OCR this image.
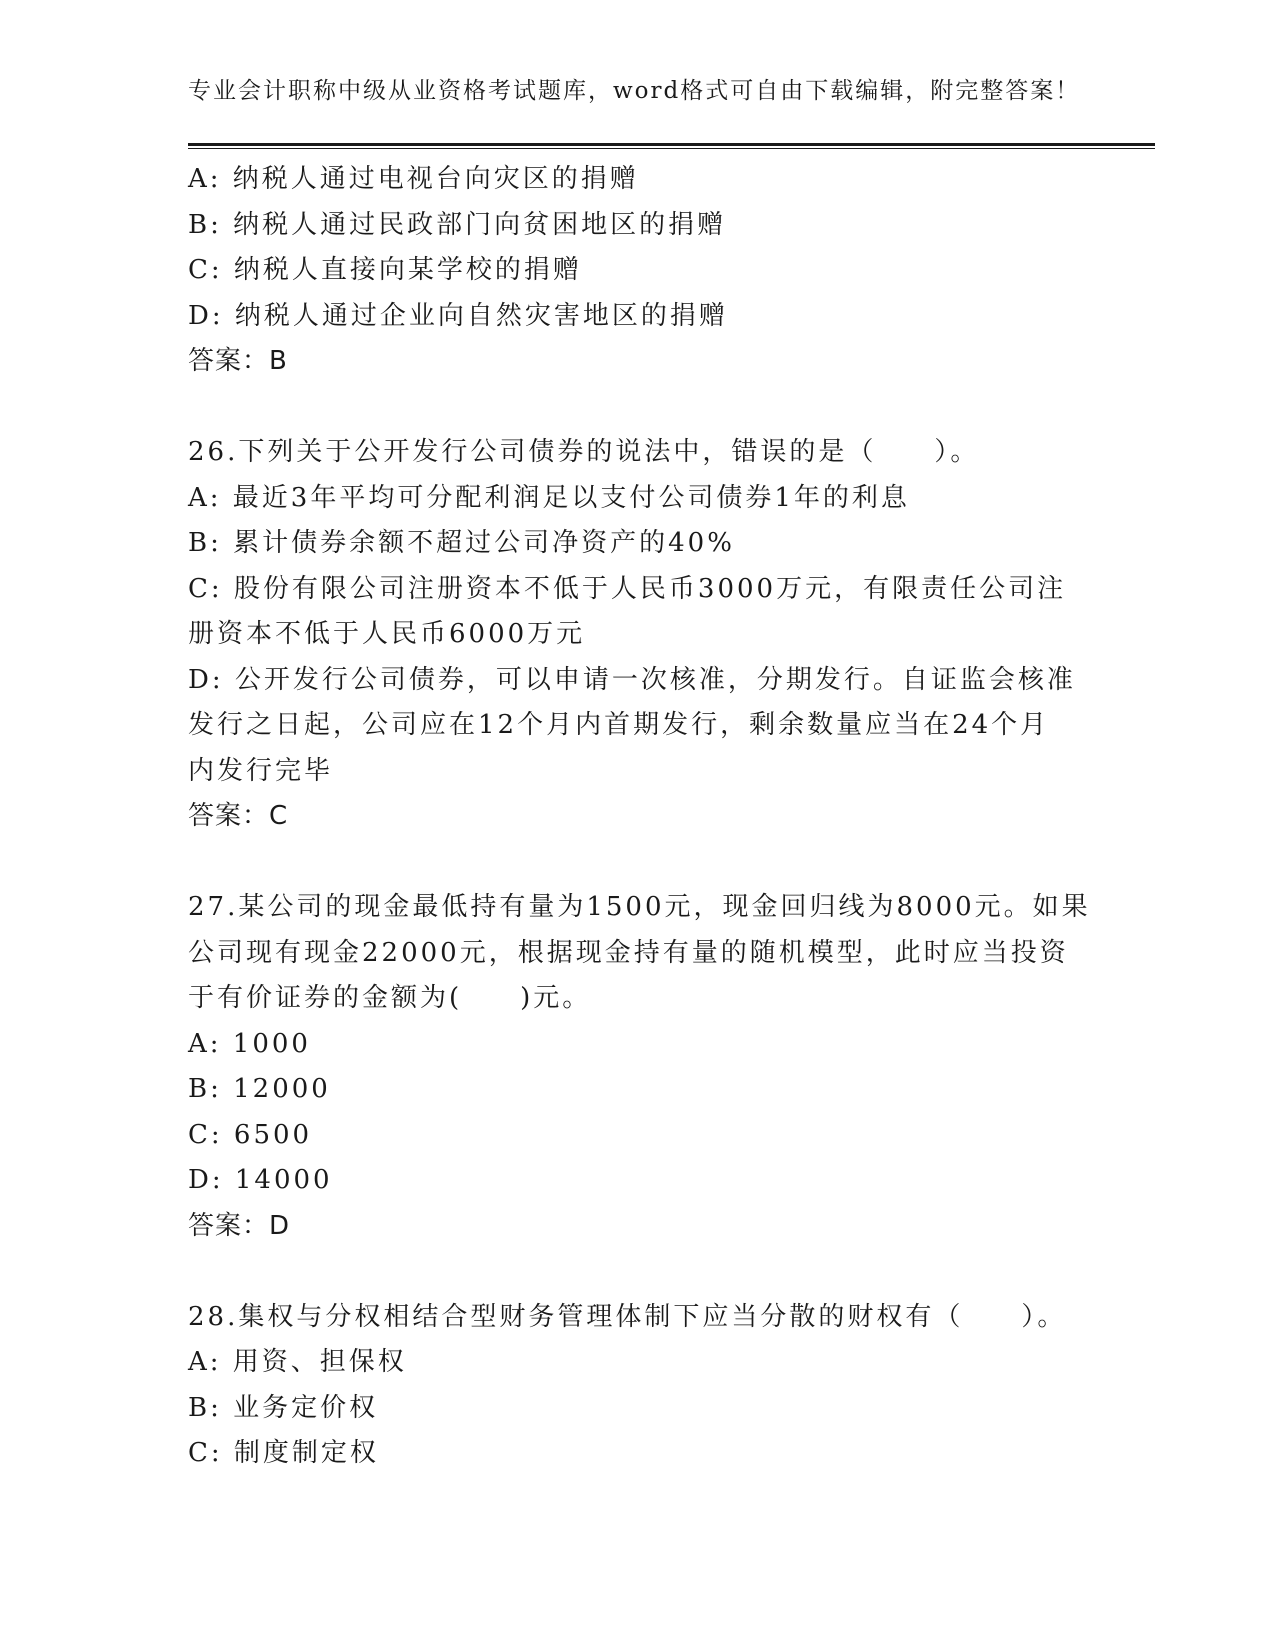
专业会计职称中级从业资格考试题库，word格式可自由下载编辑，附完整答案！
A: 纳税人通过电视台向灾区的捐赠
B: 纳税人通过民政部门向贫困地区的捐赠
C: 纳税人直接向某学校的捐赠
D: 纳税人通过企业向自然灾害地区的捐赠
答案：B
26.下列关于公开发行公司债券的说法中，错误的是（　　）。
A: 最近3年平均可分配利润足以支付公司债券1年的利息
B: 累计债券余额不超过公司净资产的40%
C: 股份有限公司注册资本不低于人民币3000万元，有限责任公司注
册资本不低于人民币6000万元
D: 公开发行公司债券，可以申请一次核准，分期发行。自证监会核准
发行之日起，公司应在12个月内首期发行，剩余数量应当在24个月
内发行完毕
答案：C
27.某公司的现金最低持有量为1500元，现金回归线为8000元。如果
公司现有现金22000元，根据现金持有量的随机模型，此时应当投资
于有价证券的金额为(　　)元。
A: 1000
B: 12000
C: 6500
D: 14000
答案：D
28.集权与分权相结合型财务管理体制下应当分散的财权有（　　）。
A: 用资、担保权
B: 业务定价权
C: 制度制定权
